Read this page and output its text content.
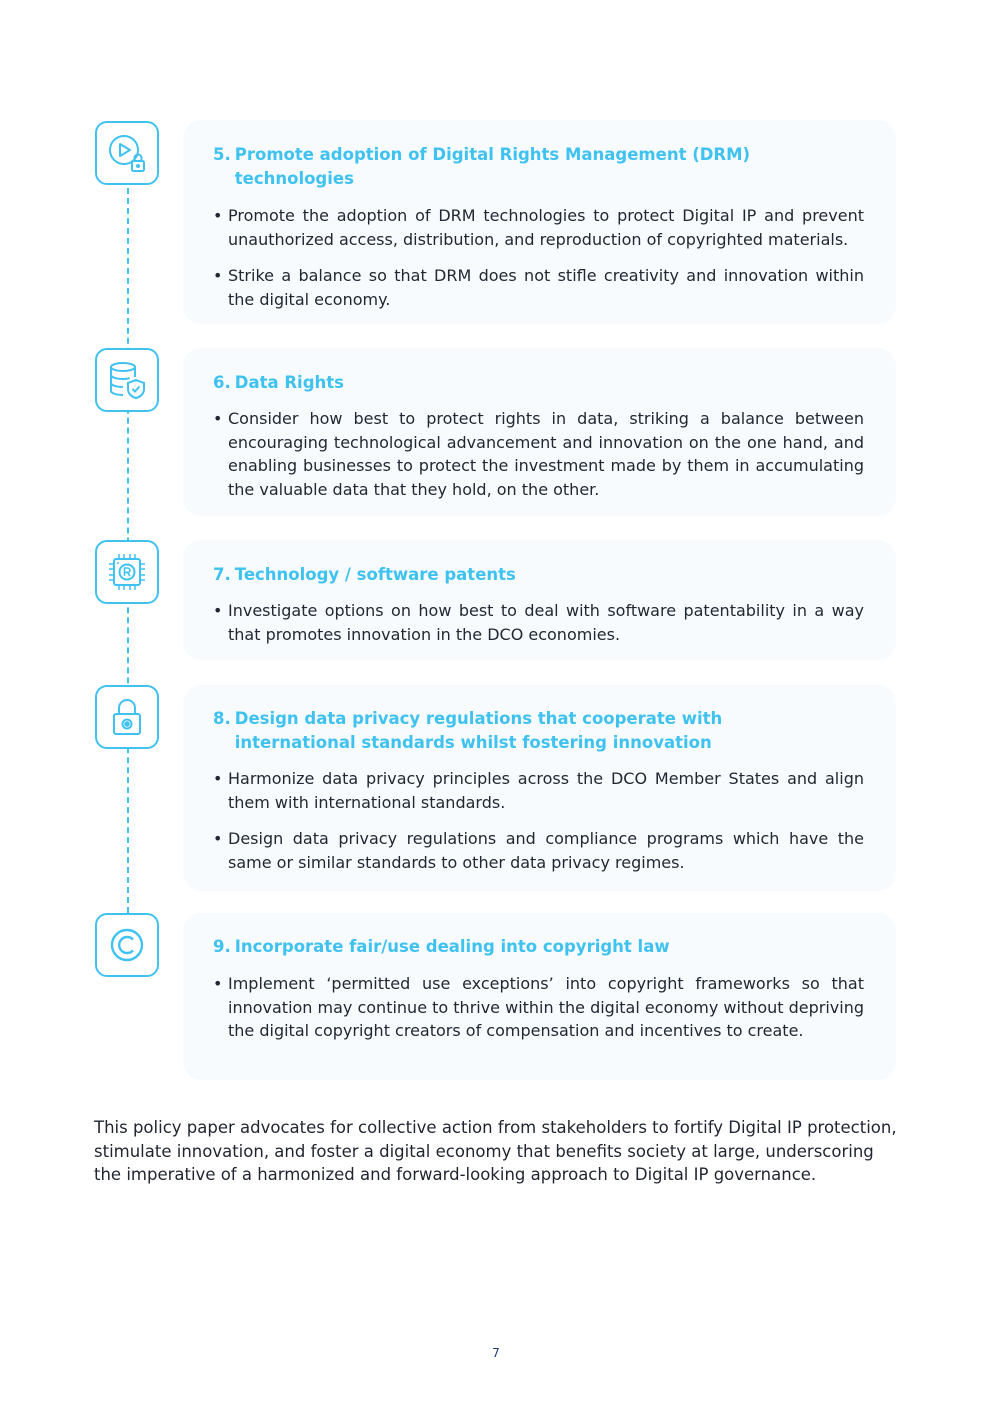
5. Promote adoption of Digital Rights Management (DRM) technologies
• Promote the adoption of DRM technologies to protect Digital IP and prevent unauthorized access, distribution, and reproduction of copyrighted materials.
• Strike a balance so that DRM does not stifle creativity and innovation within the digital economy.
6. Data Rights
• Consider how best to protect rights in data, striking a balance between encouraging technological advancement and innovation on the one hand, and enabling businesses to protect the investment made by them in accumulating the valuable data that they hold, on the other.
7. Technology / software patents
• Investigate options on how best to deal with software patentability in a way that promotes innovation in the DCO economies.
8. Design data privacy regulations that cooperate with international standards whilst fostering innovation
• Harmonize data privacy principles across the DCO Member States and align them with international standards.
• Design data privacy regulations and compliance programs which have the same or similar standards to other data privacy regimes.
9. Incorporate fair/use dealing into copyright law
• Implement ‘permitted use exceptions’ into copyright frameworks so that innovation may continue to thrive within the digital economy without depriving the digital copyright creators of compensation and incentives to create.

This policy paper advocates for collective action from stakeholders to fortify Digital IP protection, stimulate innovation, and foster a digital economy that benefits society at large, underscoring the imperative of a harmonized and forward-looking approach to Digital IP governance.

7
